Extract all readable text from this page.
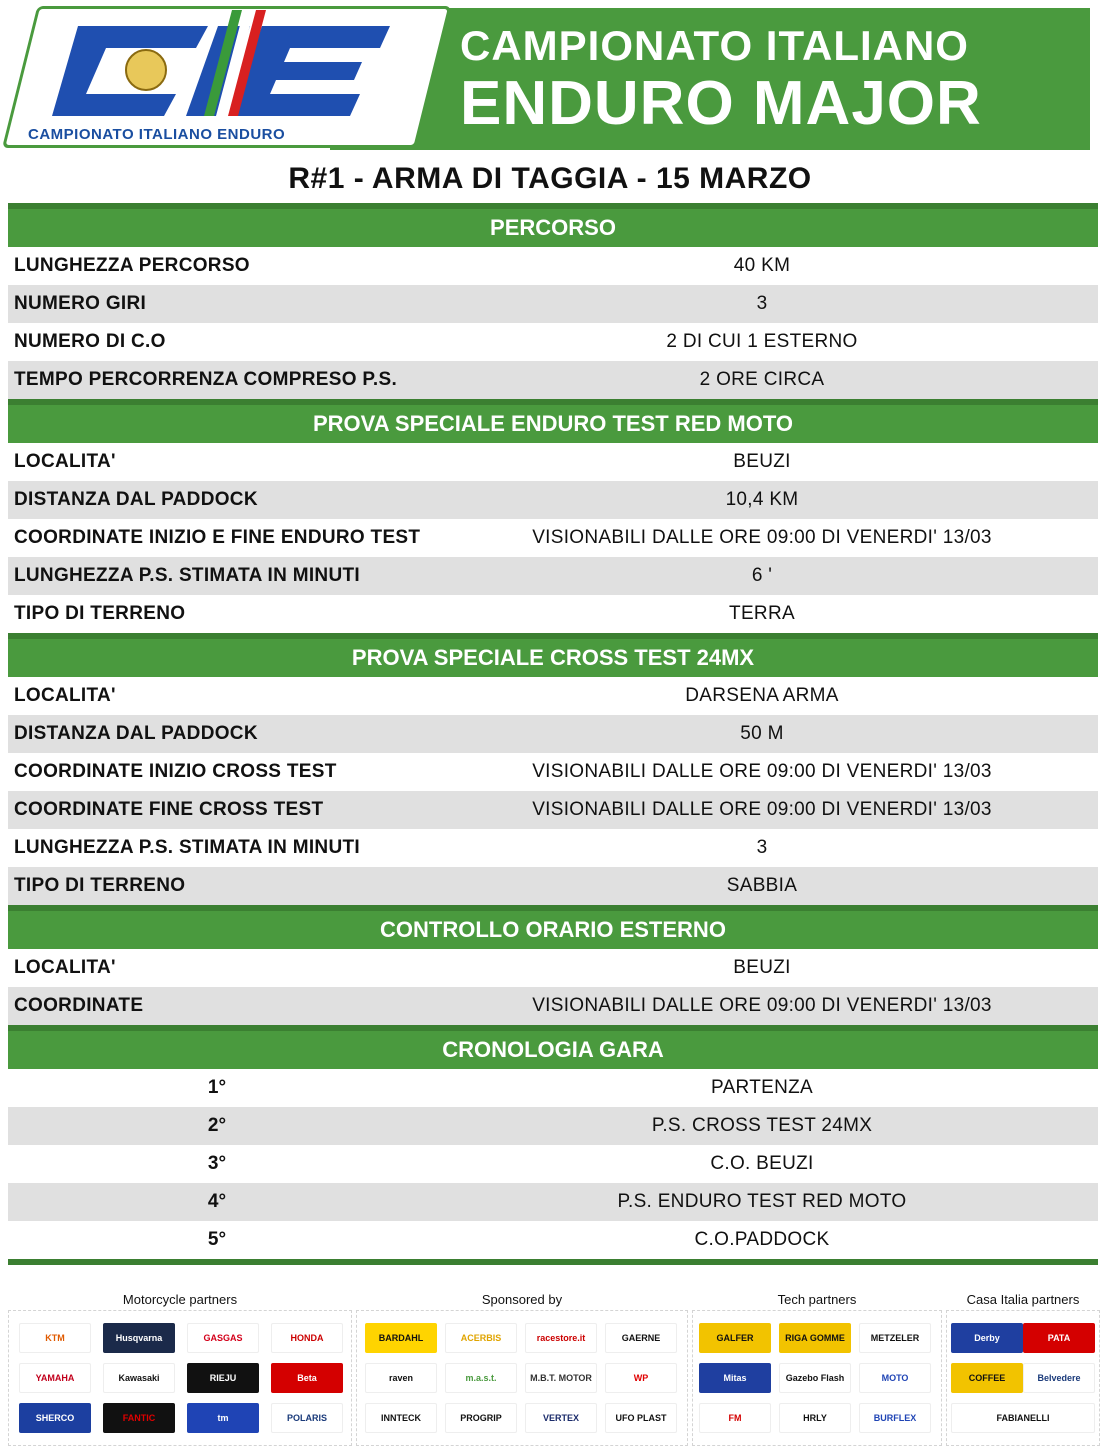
CAMPIONATO ITALIANO ENDURO
CAMPIONATO ITALIANO
ENDURO MAJOR
R#1 - ARMA DI TAGGIA - 15 MARZO
PERCORSO
LUNGHEZZA PERCORSO	40 KM
NUMERO GIRI	3
NUMERO DI C.O	2 DI CUI 1 ESTERNO
TEMPO PERCORRENZA COMPRESO P.S.	2 ORE CIRCA
PROVA SPECIALE ENDURO TEST RED MOTO
LOCALITA'	BEUZI
DISTANZA DAL PADDOCK	10,4 KM
COORDINATE INIZIO E FINE ENDURO TEST	VISIONABILI DALLE ORE 09:00 DI VENERDI' 13/03
LUNGHEZZA P.S. STIMATA IN MINUTI	6 '
TIPO DI TERRENO	TERRA
PROVA SPECIALE CROSS TEST 24MX
LOCALITA'	DARSENA ARMA
DISTANZA DAL PADDOCK	50 M
COORDINATE INIZIO CROSS TEST	VISIONABILI DALLE ORE 09:00 DI VENERDI' 13/03
COORDINATE FINE CROSS TEST	VISIONABILI DALLE ORE 09:00 DI VENERDI' 13/03
LUNGHEZZA P.S. STIMATA IN MINUTI	3
TIPO DI TERRENO	SABBIA
CONTROLLO ORARIO ESTERNO
LOCALITA'	BEUZI
COORDINATE	VISIONABILI DALLE ORE 09:00 DI VENERDI' 13/03
CRONOLOGIA GARA
1°	PARTENZA
2°	P.S. CROSS TEST 24MX
3°	C.O. BEUZI
4°	P.S. ENDURO TEST RED MOTO
5°	C.O.PADDOCK
Motorcycle partners
KTM	Husqvarna	GASGAS	HONDA
YAMAHA	Kawasaki	RIEJU	Beta
SHERCO	FANTIC	tm	POLARIS
Sponsored by
BARDAHL	ACERBIS	racestore.it	GAERNE
raven	m.a.s.t.	M.B.T. MOTOR	WP
INNTECK	PROGRIP	VERTEX	UFO PLAST
Tech partners
GALFER	RIGA GOMME	METZELER
Mitas	Gazebo Flash	MOTO
FM	HRLY	BURFLEX
Casa Italia partners
Derby	PATA
COFFEE	Belvedere
FABIANELLI
